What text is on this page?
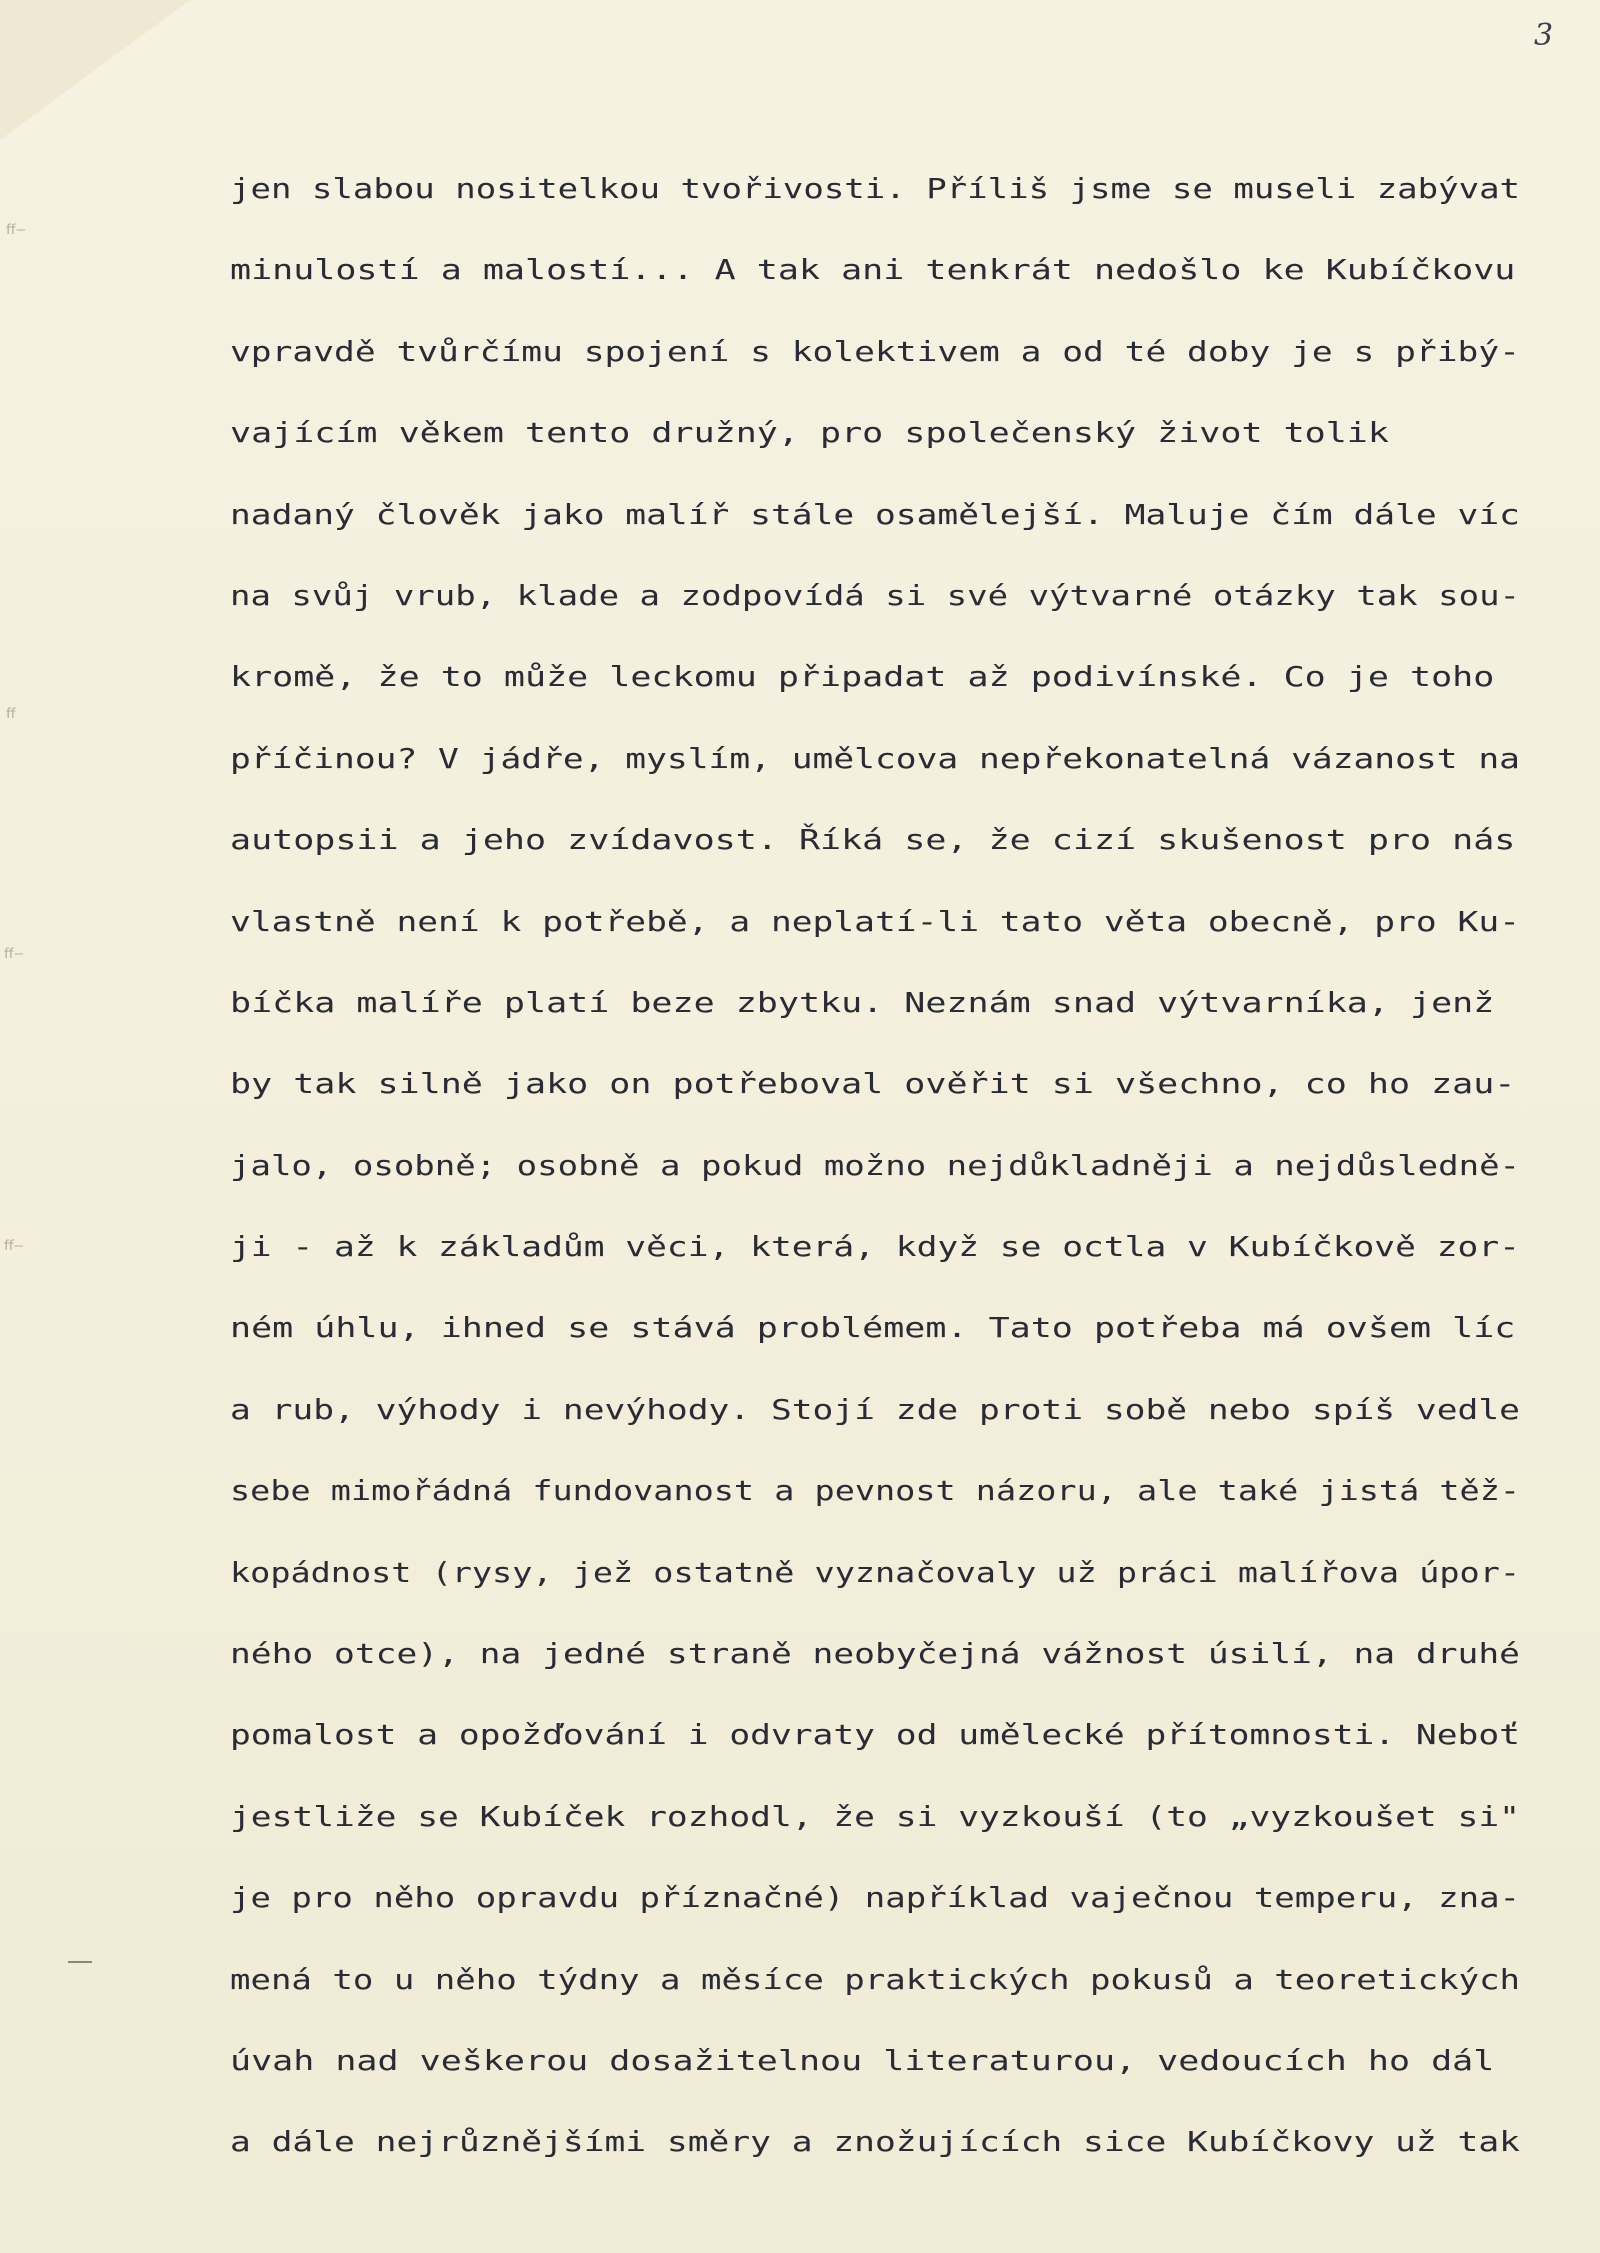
3
ﬀ–
ﬀ
ﬀ–
ﬀ–
jen slabou nositelkou tvořivosti. Příliš jsme se museli zabývat
minulostí a malostí... A tak ani tenkrát nedošlo ke Kubíčkovu
vpravdě tvůrčímu spojení s kolektivem a od té doby je s přibý-
vajícím věkem tento družný, pro společenský život tolik
nadaný člověk jako malíř stále osamělejší. Maluje čím dále víc
na svůj vrub, klade a zodpovídá si své výtvarné otázky tak sou-
kromě, že to může leckomu připadat až podivínské. Co je toho
příčinou? V jádře, myslím, umělcova nepřekonatelná vázanost na
autopsii a jeho zvídavost. Říká se, že cizí skušenost pro nás
vlastně není k potřebě, a neplatí-li tato věta obecně, pro Ku-
bíčka malíře platí beze zbytku. Neznám snad výtvarníka, jenž
by tak silně jako on potřeboval ověřit si všechno, co ho zau-
jalo, osobně; osobně a pokud možno nejdůkladněji a nejdůsledně-
ji - až k základům věci, která, když se octla v Kubíčkově zor-
ném úhlu, ihned se stává problémem. Tato potřeba má ovšem líc
a rub, výhody i nevýhody. Stojí zde proti sobě nebo spíš vedle
sebe mimořádná fundovanost a pevnost názoru, ale také jistá těž-
kopádnost (rysy, jež ostatně vyznačovaly už práci malířova úpor-
ného otce), na jedné straně neobyčejná vážnost úsilí, na druhé
pomalost a opožďování i odvraty od umělecké přítomnosti. Neboť
jestliže se Kubíček rozhodl, že si vyzkouší (to „vyzkoušet si"
je pro něho opravdu příznačné) například vaječnou temperu, zna-
mená to u něho týdny a měsíce praktických pokusů a teoretických
úvah nad veškerou dosažitelnou literaturou, vedoucích ho dál
a dále nejrůznějšími směry a znožujících sice Kubíčkovy už tak
